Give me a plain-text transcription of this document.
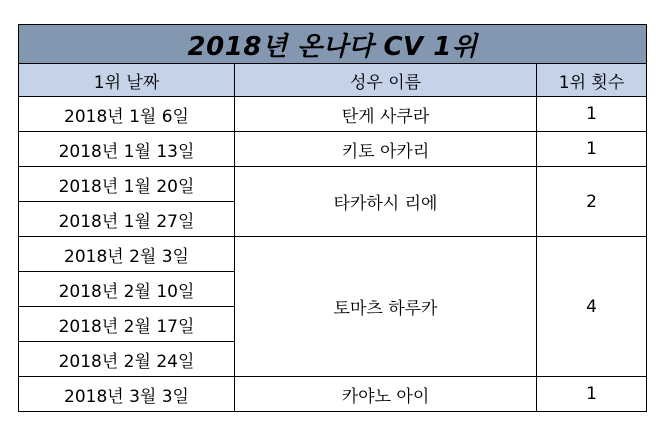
2018년 온나다 CV 1위		
1위 날짜	성우 이름	1위 횟수
2018년 1월 6일	탄게 사쿠라	1
2018년 1월 13일	키토 아카리	1
2018년 1월 20일	타카하시 리에	2
2018년 1월 27일		
2018년 2월 3일	토마츠 하루카	4
2018년 2월 10일		
2018년 2월 17일		
2018년 2월 24일		
2018년 3월 3일	카야노 아이	1
